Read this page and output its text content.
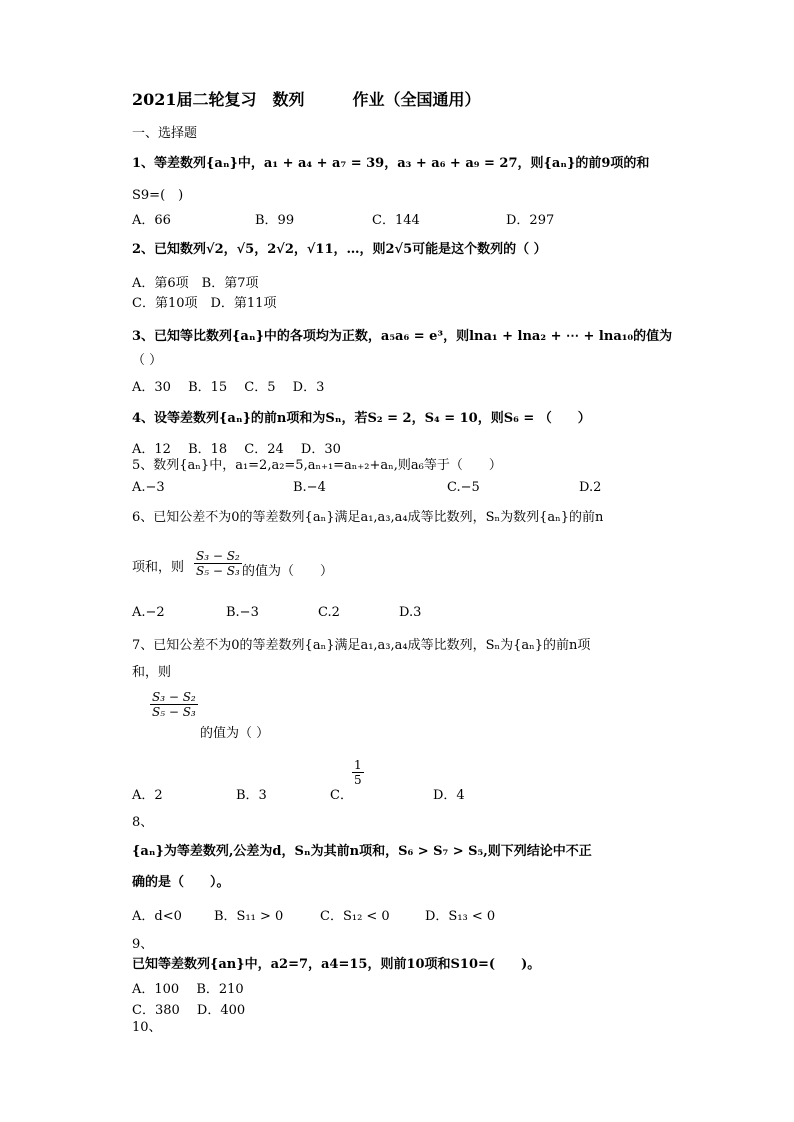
2021届二轮复习　数列　　　作业（全国通用）
一、选择题
1、等差数列{aₙ}中，a₁ + a₄ + a₇ = 39，a₃ + a₆ + a₉ = 27，则{aₙ}的前9项的和
S9=(　)
A．66	B．99	C．144	D．297
2、已知数列√2，√5，2√2，√11，…，则2√5可能是这个数列的（ ）
A．第6项　B．第7项
C．第10项　D．第11项
3、已知等比数列{aₙ}中的各项均为正数，a₅a₆ = e³，则lna₁ + lna₂ + ⋯ + lna₁₀的值为
（ ）
A．30　 B．15　 C．5　 D．3
4、设等差数列{aₙ}的前n项和为Sₙ，若S₂ = 2，S₄ = 10，则S₆ = （　　）
A．12　 B．18　 C．24　 D．30
5、数列{aₙ}中，a₁=2,a₂=5,aₙ₊₁=aₙ₊₂+aₙ,则a₆等于（　　）
A.−3	B.−4	C.−5	D.2
6、已知公差不为0的等差数列{aₙ}满足a₁,a₃,a₄成等比数列，Sₙ为数列{aₙ}的前n
项和，则 $\frac{\text{S₃ − S₂}}{\text{S₅ − S₃}}$ 的值为（　　）
A.−2	B.−3	C.2	D.3
7、已知公差不为0的等差数列{aₙ}满足a₁,a₃,a₄成等比数列，Sₙ为{aₙ}的前n项
和，则
$\frac{\text{S₃ − S₂}}{\text{S₅ − S₃}}$
的值为（ ）
A．2	B．3	C．
$\frac{1}{5}$
D．4
8、
{aₙ}为等差数列,公差为d，Sₙ为其前n项和，S₆ > S₇ > S₅,则下列结论中不正
确的是（　　）。
A．d<0 B．S₁₁ > 0	C．S₁₂ < 0	D．S₁₃ < 0
9、
已知等差数列{an}中，a2=7，a4=15，则前10项和S10=(　　)。
A．100　 B．210
C．380　 D．400
10、
